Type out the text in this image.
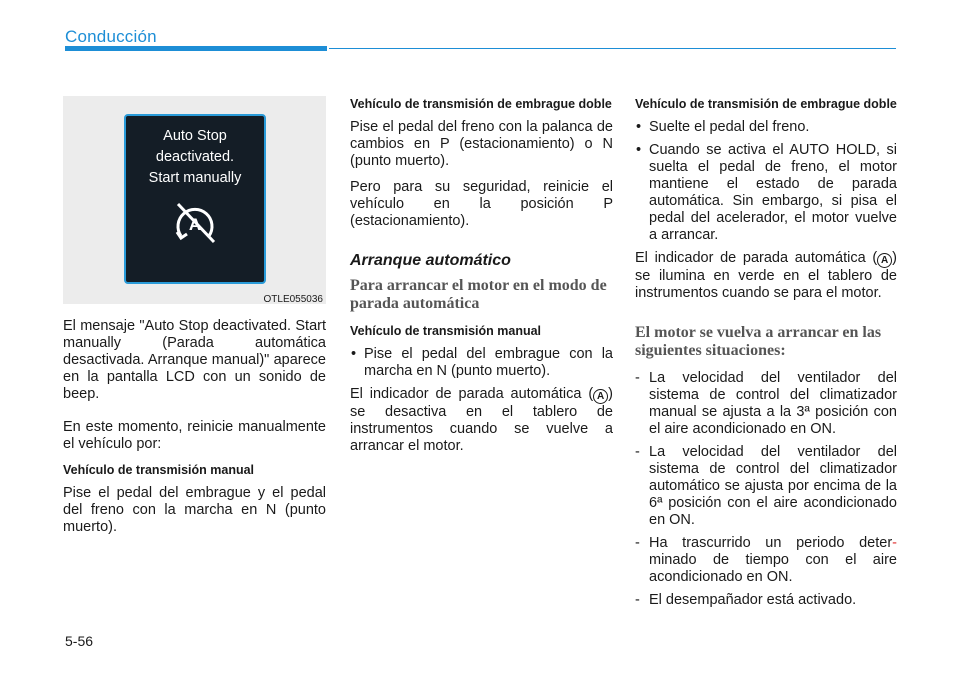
Conducción
Auto Stop
deactivated.
Start manually
A
OTLE055036

El mensaje "Auto Stop deactivated. Start manually (Parada automática desactivada. Arranque manual)" aparece en la pantalla LCD con un sonido de beep.

En este momento, reinicie manualmente el vehículo por:

Vehículo de transmisión manual

Pise el pedal del embrague y el pedal del freno con la marcha en N (punto muerto).

Vehículo de transmisión de embrague doble

Pise el pedal del freno con la palanca de cambios en P (estacionamiento) o N (punto muerto).

Pero para su seguridad, reinicie el vehículo en la posición P (estacionamiento).

Arranque automático
Para arrancar el motor en el modo de parada automática
Vehículo de transmisión manual
• Pise el pedal del embrague con la marcha en N (punto muerto).

El indicador de parada automática ( A ) se desactiva en el tablero de instrumentos cuando se vuelve a arrancar el motor.

Vehículo de transmisión de embrague doble
• Suelte el pedal del freno.
• Cuando se activa el AUTO HOLD, si suelta el pedal de freno, el motor mantiene el estado de parada automática. Sin embargo, si pisa el pedal del acelerador, el motor vuelve a arrancar.

El indicador de parada automática ( A ) se ilumina en verde en el tablero de instrumentos cuando se para el motor.

El motor se vuelva a arrancar en las siguientes situaciones:
- La velocidad del ventilador del sistema de control del climatizador manual se ajusta a la 3ª posición con el aire acondicionado en ON.
- La velocidad del ventilador del sistema de control del climatizador automático se ajusta por encima de la 6ª posición con el aire acondicionado en ON.
- Ha trascurrido un periodo deter- minado de tiempo con el aire acondicionado en ON.
- El desempañador está activado.
5-56
